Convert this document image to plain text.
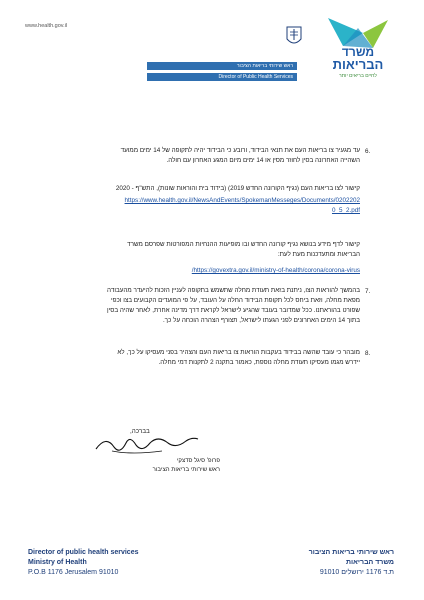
www.health.gov.il
ראש שירותי בריאות הציבור
Director of Public Health Services
משרד
הבריאות
לחיים בריאים יותר
6.
עד מגעיר צו בריאות העם את תנאי הבידוד, ורובע כי הבידוד יהיה לתקופה של 14 ימים ממועד
השהייה האחרונה בסין לחוזר מסין או 14 ימים מיום המגע האחרון עם חולה.
קישור לצו בריאות העם (נגיף הקורונה החדש 2019) (בידוד בית והוראות שונות), התש"ף - 2020
https://www.health.gov.il/NewsAndEvents/SpokemanMesseges/Documents/0202202
0_5_2.pdf
קישור לדף מידע בנושא נגיף קורונה החדש ובו מופיעות ההנחיות המפורטות שפרסם משרד
הבריאות ומתעדכנות מעת לעת:
/https://govextra.gov.il/ministry-of-health/corona/corona-virus
7.
בהמשך להוראות הצו, ניתנת בזאת תעודת מחלה שתשמש בתקופה לעניין הזכות להיעדר מהעבודה
מפאת מחלה, וזאת ביחס לכל תקופת הבידוד החלה על העובד, על פי המועדים הקבועים בצו וכפי
שפורט בהוראתנו. ככל שמדובר בעובד שהגיע לישראל לקראת דרך מדינה אחרת, לאחר שהיה בסין
בתוך 14 הימים האחרונים לפני הגעתו לישראל, תצורף הצהרה הוכחה על כך.
8.
מובהר כי עובד שהשה בבידוד בעקבות הוראות צו בריאות העם והצהיר בפני מעסיקו על כך, לא
יידרש מגמו מעסיקו תעודת מחלה נוספת, כאמור בתקנה 2 לתקנות דמי מחלה.
בברכה,
פרופ' סיגל סדצקי
ראש שירותי בריאות הציבור
Director of public health services
Ministry of Health
P.O.B 1176 Jerusalem 91010
ראש שירותי בריאות הציבור
משרד הבריאות
ת.ד 1176 ירושלים 91010
